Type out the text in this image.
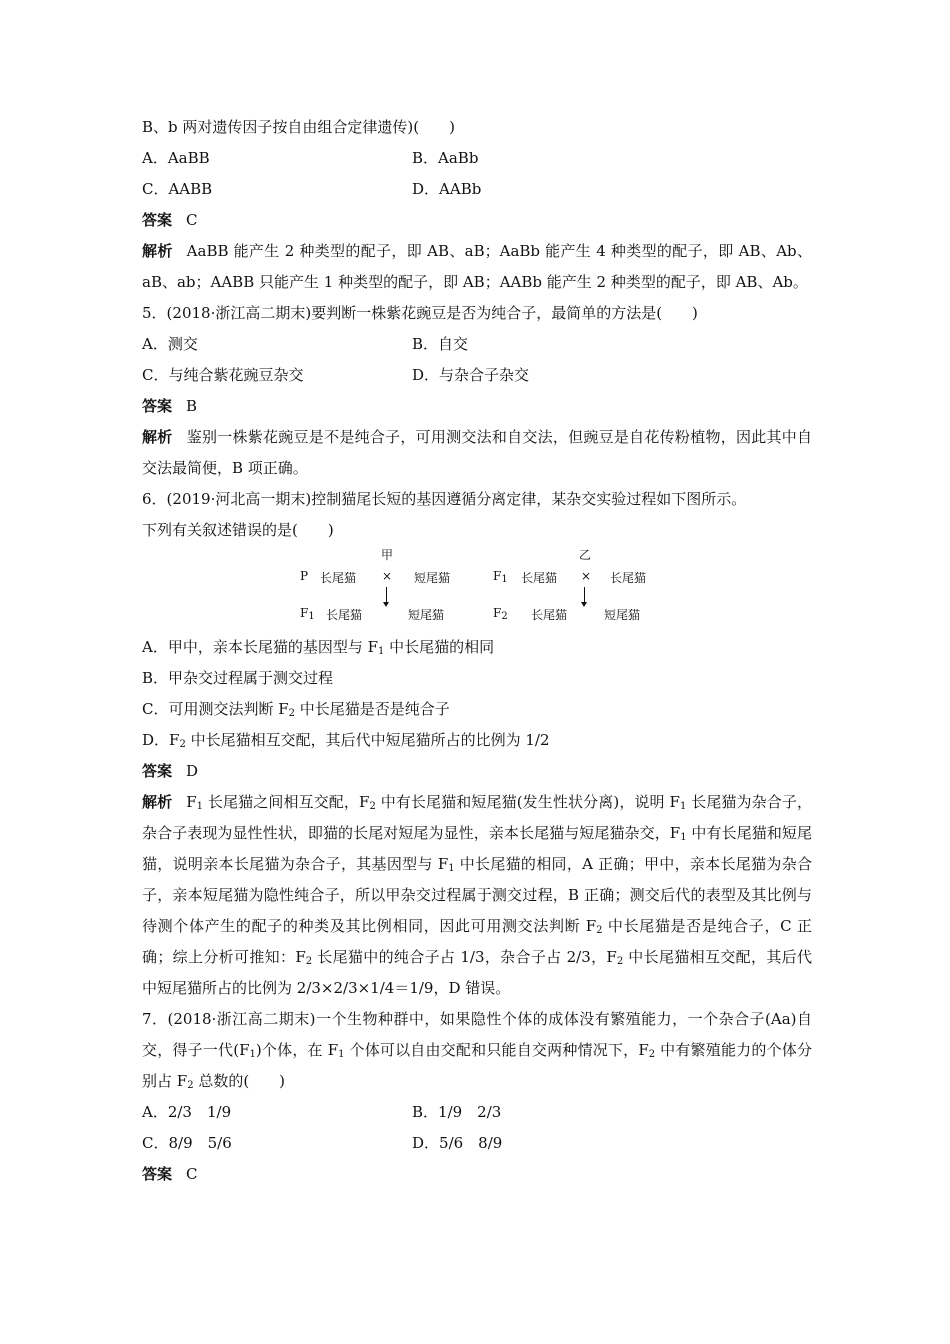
B、b 两对遗传因子按自由组合定律遗传)(　　)
A．AaBB	B．AaBb
C．AABB	D．AABb
答案 C
解析 AaBB 能产生 2 种类型的配子，即 AB、aB；AaBb 能产生 4 种类型的配子，即 AB、Ab、aB、ab；AABB 只能产生 1 种类型的配子，即 AB；AABb 能产生 2 种类型的配子，即 AB、Ab。
5．(2018·浙江高二期末)要判断一株紫花豌豆是否为纯合子，最简单的方法是(　　)
A．测交	B．自交
C．与纯合紫花豌豆杂交	D．与杂合子杂交
答案 B
解析 鉴别一株紫花豌豆是不是纯合子，可用测交法和自交法，但豌豆是自花传粉植物，因此其中自交法最简便，B 项正确。
6．(2019·河北高一期末)控制猫尾长短的基因遵循分离定律，某杂交实验过程如下图所示。
下列有关叙述错误的是(　　)
甲	乙
P 长尾猫 × 短尾猫	$F_1$ 长尾猫 × 长尾猫
$F_1$ 长尾猫	短尾猫	$F_2$ 长尾猫	短尾猫
A．甲中，亲本长尾猫的基因型与 $F_1$ 中长尾猫的相同
B．甲杂交过程属于测交过程
C．可用测交法判断 $F_2$ 中长尾猫是否是纯合子
D．$F_2$ 中长尾猫相互交配，其后代中短尾猫所占的比例为 1/2
答案 D
解析 $F_1$ 长尾猫之间相互交配，$F_2$ 中有长尾猫和短尾猫(发生性状分离)，说明 $F_1$ 长尾猫为杂合子，杂合子表现为显性性状，即猫的长尾对短尾为显性，亲本长尾猫与短尾猫杂交，$F_1$ 中有长尾猫和短尾猫，说明亲本长尾猫为杂合子，其基因型与 $F_1$ 中长尾猫的相同，A 正确；甲中，亲本长尾猫为杂合子，亲本短尾猫为隐性纯合子，所以甲杂交过程属于测交过程，B 正确；测交后代的表型及其比例与待测个体产生的配子的种类及其比例相同，因此可用测交法判断 $F_2$ 中长尾猫是否是纯合子，C 正确；综上分析可推知：$F_2$ 长尾猫中的纯合子占 1/3，杂合子占 2/3，$F_2$ 中长尾猫相互交配，其后代中短尾猫所占的比例为 2/3×2/3×1/4＝1/9，D 错误。
7．(2018·浙江高二期末)一个生物种群中，如果隐性个体的成体没有繁殖能力，一个杂合子(Aa)自交，得子一代$(F_1)$个体，在 $F_1$ 个体可以自由交配和只能自交两种情况下，$F_2$ 中有繁殖能力的个体分别占 $F_2$ 总数的(　　)
A．2/3　1/9	B．1/9　2/3
C．8/9　5/6	D．5/6　8/9
答案 C
